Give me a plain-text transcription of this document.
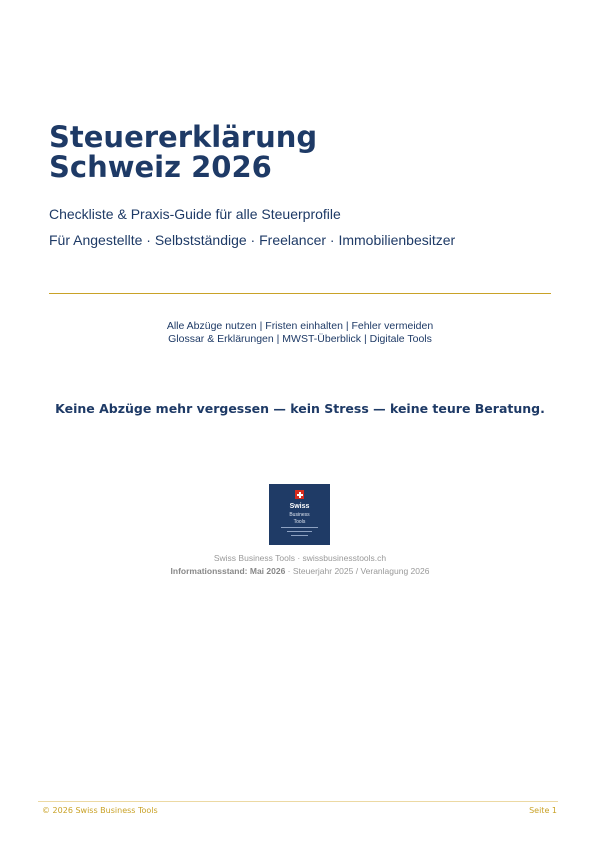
Steuererklärung
Schweiz 2026

Checkliste & Praxis-Guide für alle Steuerprofile

Für Angestellte · Selbstständige · Freelancer · Immobilienbesitzer

Alle Abzüge nutzen | Fristen einhalten | Fehler vermeiden
Glossar & Erklärungen | MWST-Überblick | Digitale Tools
Keine Abzüge mehr vergessen — kein Stress — keine teure Beratung.
Swiss
Business
Tools
Swiss Business Tools · swissbusinesstools.ch
Informationsstand: Mai 2026 · Steuerjahr 2025 / Veranlagung 2026
© 2026 Swiss Business Tools	Seite 1
